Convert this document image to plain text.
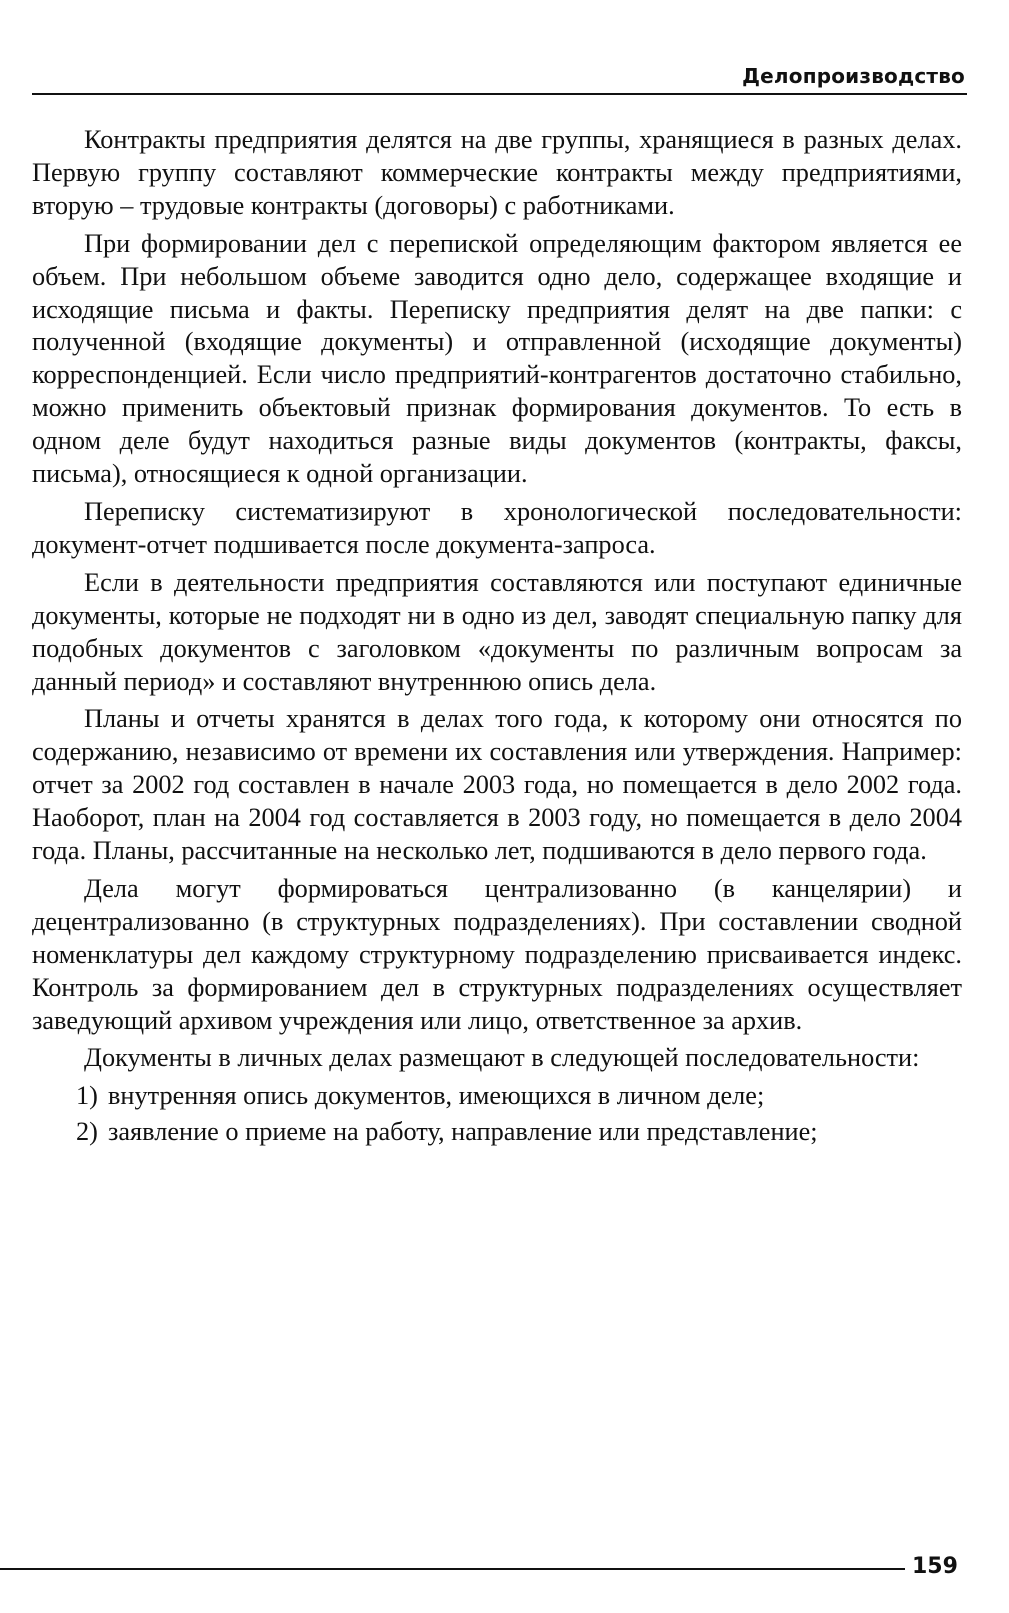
Делопроизводство

Контракты предприятия делятся на две группы, хранящиеся в разных делах. Первую группу составляют коммерческие контракты между предприятиями, вторую – трудовые контракты (договоры) с работниками.

При формировании дел с перепиской определяющим фактором является ее объем. При небольшом объеме заводится одно дело, содержащее входящие и исходящие письма и факты. Переписку предприятия делят на две папки: с полученной (входящие документы) и отправленной (исходящие документы) корреспонденцией. Если число предприятий-контрагентов достаточно стабильно, можно применить объектовый признак формирования документов. То есть в одном деле будут находиться разные виды документов (контракты, факсы, письма), относящиеся к одной организации.

Переписку систематизируют в хронологической последовательности: документ-отчет подшивается после документа-запроса.

Если в деятельности предприятия составляются или поступают единичные документы, которые не подходят ни в одно из дел, заводят специальную папку для подобных документов с заголовком «документы по различным вопросам за данный период» и составляют внутреннюю опись дела.

Планы и отчеты хранятся в делах того года, к которому они относятся по содержанию, независимо от времени их составления или утверждения. Например: отчет за 2002 год составлен в начале 2003 года, но помещается в дело 2002 года. Наоборот, план на 2004 год составляется в 2003 году, но помещается в дело 2004 года. Планы, рассчитанные на несколько лет, подшиваются в дело первого года.

Дела могут формироваться централизованно (в канцелярии) и децентрализованно (в структурных подразделениях). При составлении сводной номенклатуры дел каждому структурному подразделению присваивается индекс. Контроль за формированием дел в структурных подразделениях осуществляет заведующий архивом учреждения или лицо, ответственное за архив.

Документы в личных делах размещают в следующей последовательности:

1) внутренняя опись документов, имеющихся в личном деле;
2) заявление о приеме на работу, направление или представление;
159
